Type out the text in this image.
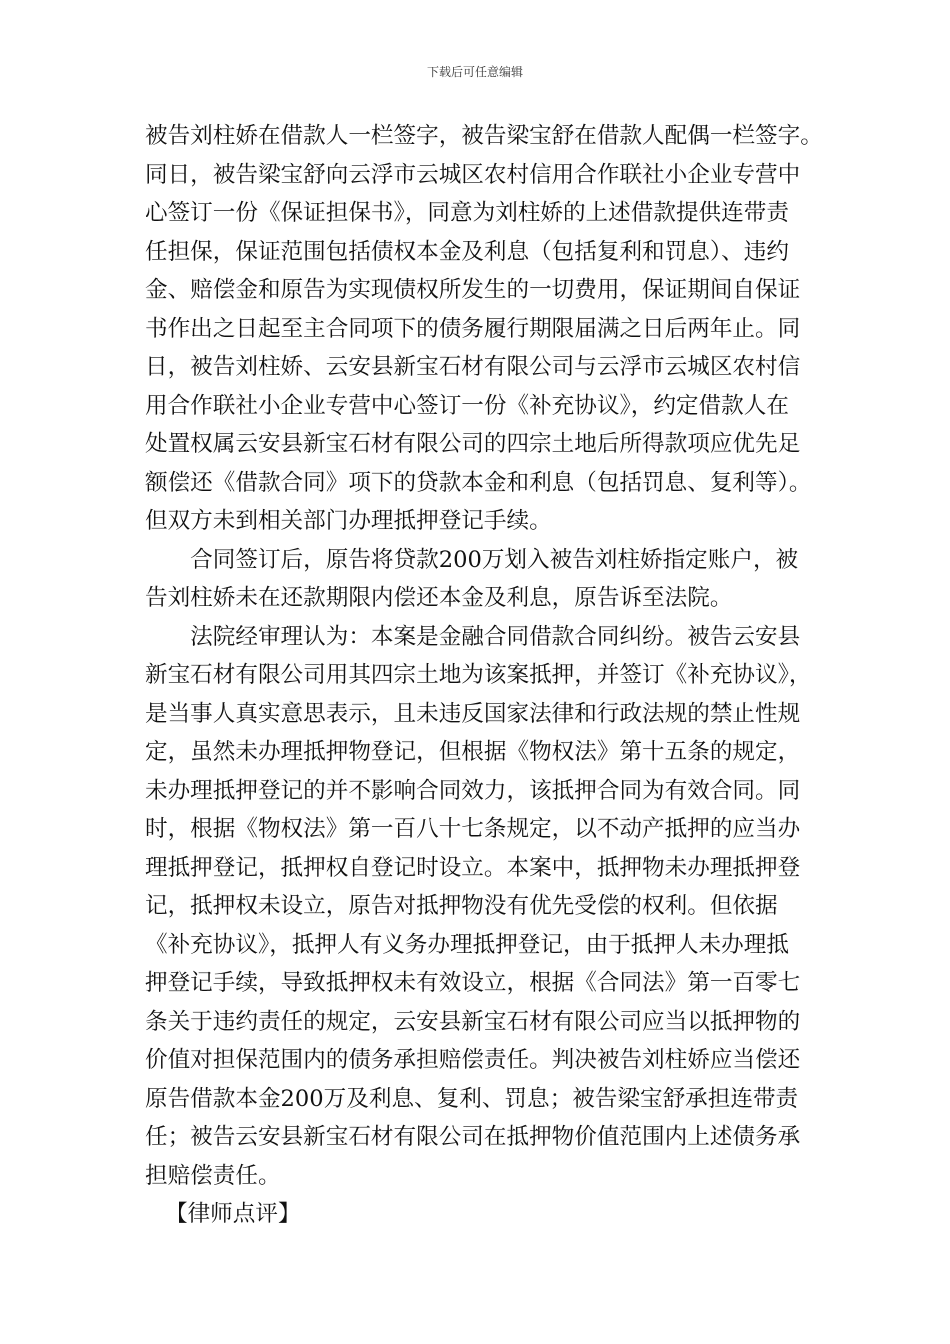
下载后可任意编辑
被告刘柱娇在借款人一栏签字，被告梁宝舒在借款人配偶一栏签字。
同日，被告梁宝舒向云浮市云城区农村信用合作联社小企业专营中
心签订一份《保证担保书》，同意为刘柱娇的上述借款提供连带责
任担保，保证范围包括债权本金及利息（包括复利和罚息）、违约
金、赔偿金和原告为实现债权所发生的一切费用，保证期间自保证
书作出之日起至主合同项下的债务履行期限届满之日后两年止。同
日，被告刘柱娇、云安县新宝石材有限公司与云浮市云城区农村信
用合作联社小企业专营中心签订一份《补充协议》，约定借款人在
处置权属云安县新宝石材有限公司的四宗土地后所得款项应优先足
额偿还《借款合同》项下的贷款本金和利息（包括罚息、复利等）。
但双方未到相关部门办理抵押登记手续。
　　合同签订后，原告将贷款200万划入被告刘柱娇指定账户，被
告刘柱娇未在还款期限内偿还本金及利息，原告诉至法院。
　　法院经审理认为：本案是金融合同借款合同纠纷。被告云安县
新宝石材有限公司用其四宗土地为该案抵押，并签订《补充协议》，
是当事人真实意思表示，且未违反国家法律和行政法规的禁止性规
定，虽然未办理抵押物登记，但根据《物权法》第十五条的规定，
未办理抵押登记的并不影响合同效力，该抵押合同为有效合同。同
时，根据《物权法》第一百八十七条规定，以不动产抵押的应当办
理抵押登记，抵押权自登记时设立。本案中，抵押物未办理抵押登
记，抵押权未设立，原告对抵押物没有优先受偿的权利。但依据
《补充协议》，抵押人有义务办理抵押登记，由于抵押人未办理抵
押登记手续，导致抵押权未有效设立，根据《合同法》第一百零七
条关于违约责任的规定，云安县新宝石材有限公司应当以抵押物的
价值对担保范围内的债务承担赔偿责任。判决被告刘柱娇应当偿还
原告借款本金200万及利息、复利、罚息；被告梁宝舒承担连带责
任；被告云安县新宝石材有限公司在抵押物价值范围内上述债务承
担赔偿责任。
【律师点评】
